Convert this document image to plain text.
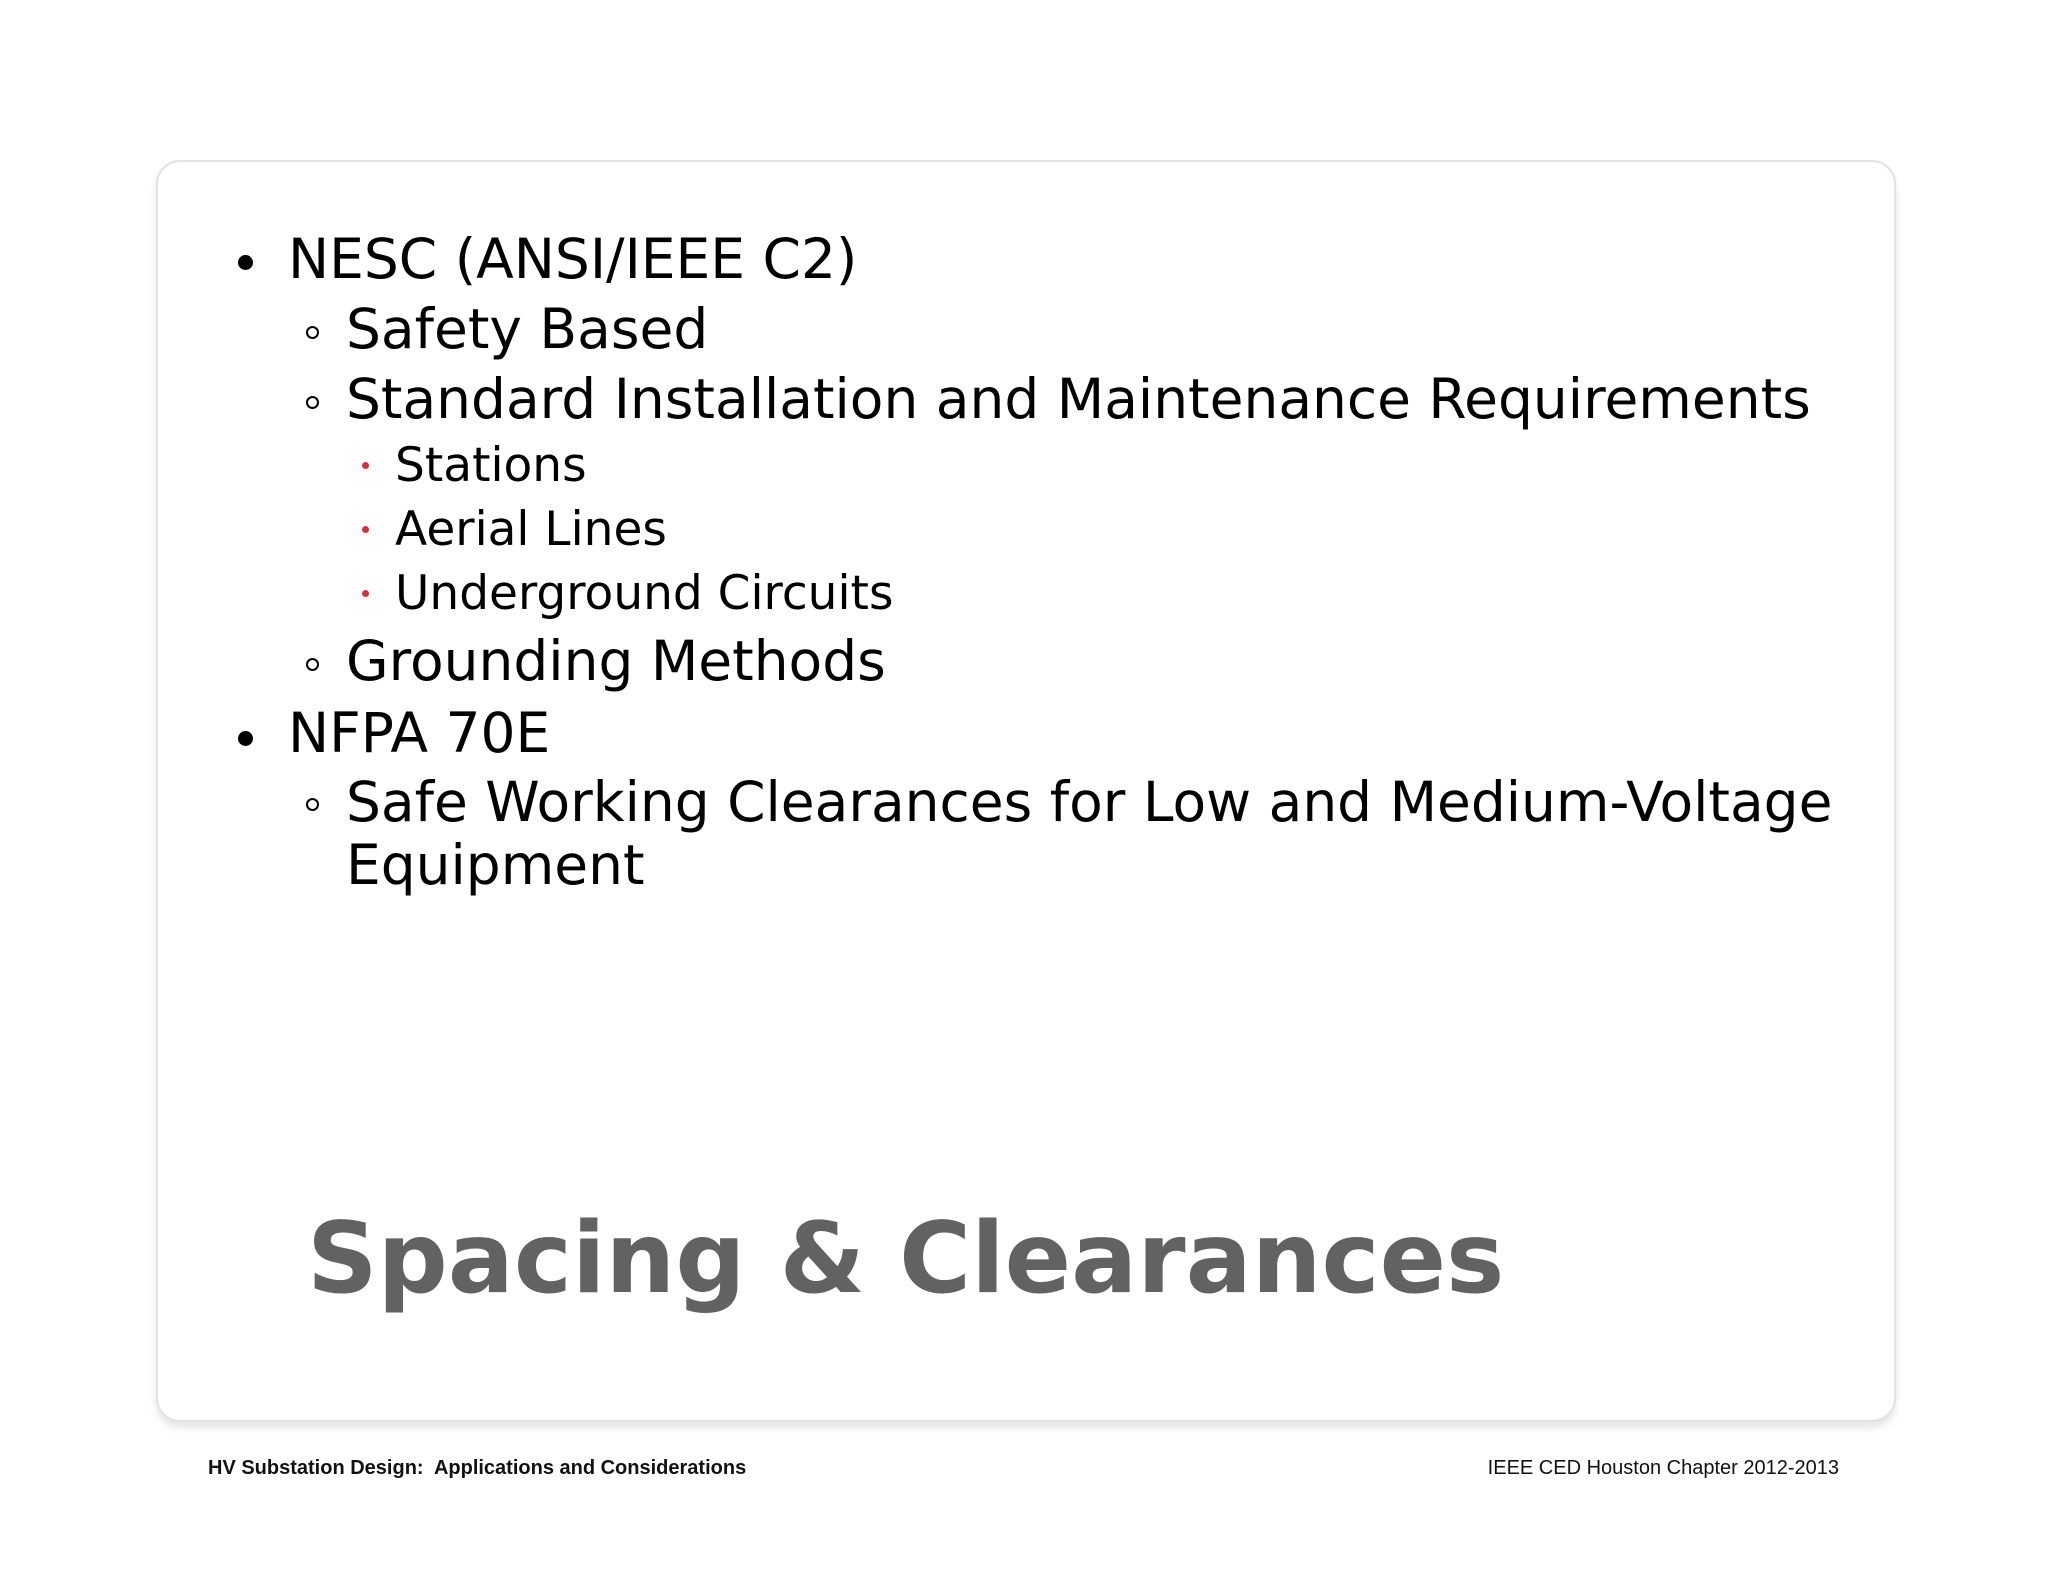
NESC (ANSI/IEEE C2)
Safety Based
Standard Installation and Maintenance Requirements
Stations
Aerial Lines
Underground Circuits
Grounding Methods
NFPA 70E
Safe Working Clearances for Low and Medium-Voltage
Equipment
Spacing & Clearances
HV Substation Design:  Applications and Considerations	IEEE CED Houston Chapter 2012-2013
